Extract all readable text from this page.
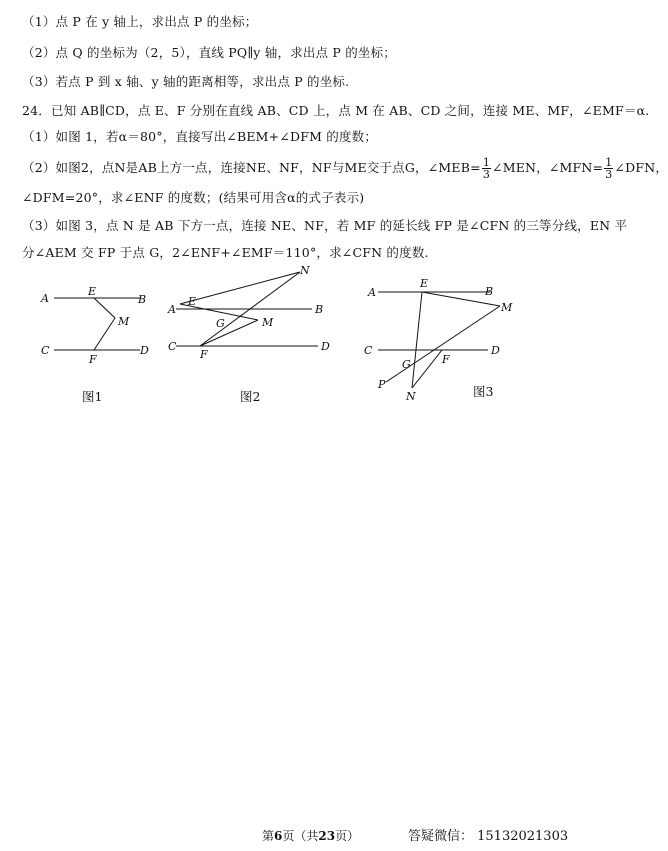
（1）点 P 在 y 轴上，求出点 P 的坐标；
（2）点 Q 的坐标为（2，5），直线 PQ∥y 轴，求出点 P 的坐标；
（3）若点 P 到 x 轴、y 轴的距离相等，求出点 P 的坐标.
24．已知 AB∥CD，点 E、F 分别在直线 AB、CD 上，点 M 在 AB、CD 之间，连接 ME、MF，∠EMF＝α.
（1）如图 1，若α＝80°，直接写出∠BEM+∠DFM 的度数；
（2）如图2，点N是AB上方一点，连接NE、NF，NF与ME交于点G，∠MEB= $\frac{1}{3}$ ∠MEN，∠MFN= $\frac{1}{3}$ ∠DFN，
∠DFM=20°，求∠ENF 的度数；(结果可用含α的式子表示)
（3）如图 3，点 N 是 AB 下方一点，连接 NE、NF，若 MF 的延长线 FP 是∠CFN 的三等分线，EN 平
分∠AEM 交 FP 于点 G，2∠ENF+∠EMF＝110°，求∠CFN 的度数.
A
E
B
M
C
F
D
图1
A
E
N
B
G	M
C
F
D
图2
A
E
B
M
C	D
G	F
P
N	图3
第6页（共23页）	答疑微信： 15132021303
